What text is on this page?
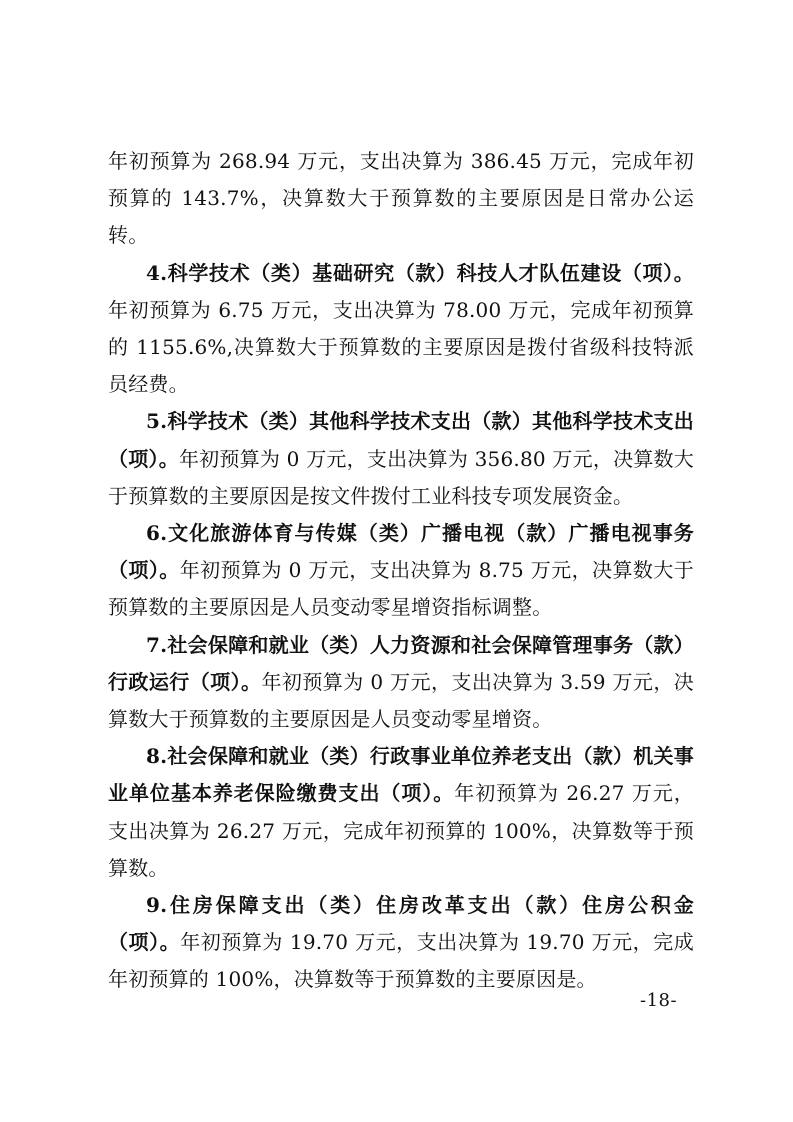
年初预算为 268.94 万元，支出决算为 386.45 万元，完成年初预算的 143.7%，决算数大于预算数的主要原因是日常办公运转。

4.科学技术（类）基础研究（款）科技人才队伍建设（项）。年初预算为 6.75 万元，支出决算为 78.00 万元，完成年初预算的 1155.6%,决算数大于预算数的主要原因是拨付省级科技特派员经费。

5.科学技术（类）其他科学技术支出（款）其他科学技术支出（项）。年初预算为 0 万元，支出决算为 356.80 万元，决算数大于预算数的主要原因是按文件拨付工业科技专项发展资金。

6.文化旅游体育与传媒（类）广播电视（款）广播电视事务（项）。年初预算为 0 万元，支出决算为 8.75 万元，决算数大于预算数的主要原因是人员变动零星增资指标调整。

7.社会保障和就业（类）人力资源和社会保障管理事务（款）行政运行（项）。年初预算为 0 万元，支出决算为 3.59 万元，决算数大于预算数的主要原因是人员变动零星增资。

8.社会保障和就业（类）行政事业单位养老支出（款）机关事业单位基本养老保险缴费支出（项）。年初预算为 26.27 万元，支出决算为 26.27 万元，完成年初预算的 100%，决算数等于预算数。

9.住房保障支出（类）住房改革支出（款）住房公积金（项）。年初预算为 19.70 万元，支出决算为 19.70 万元，完成年初预算的 100%，决算数等于预算数的主要原因是。

-18-
